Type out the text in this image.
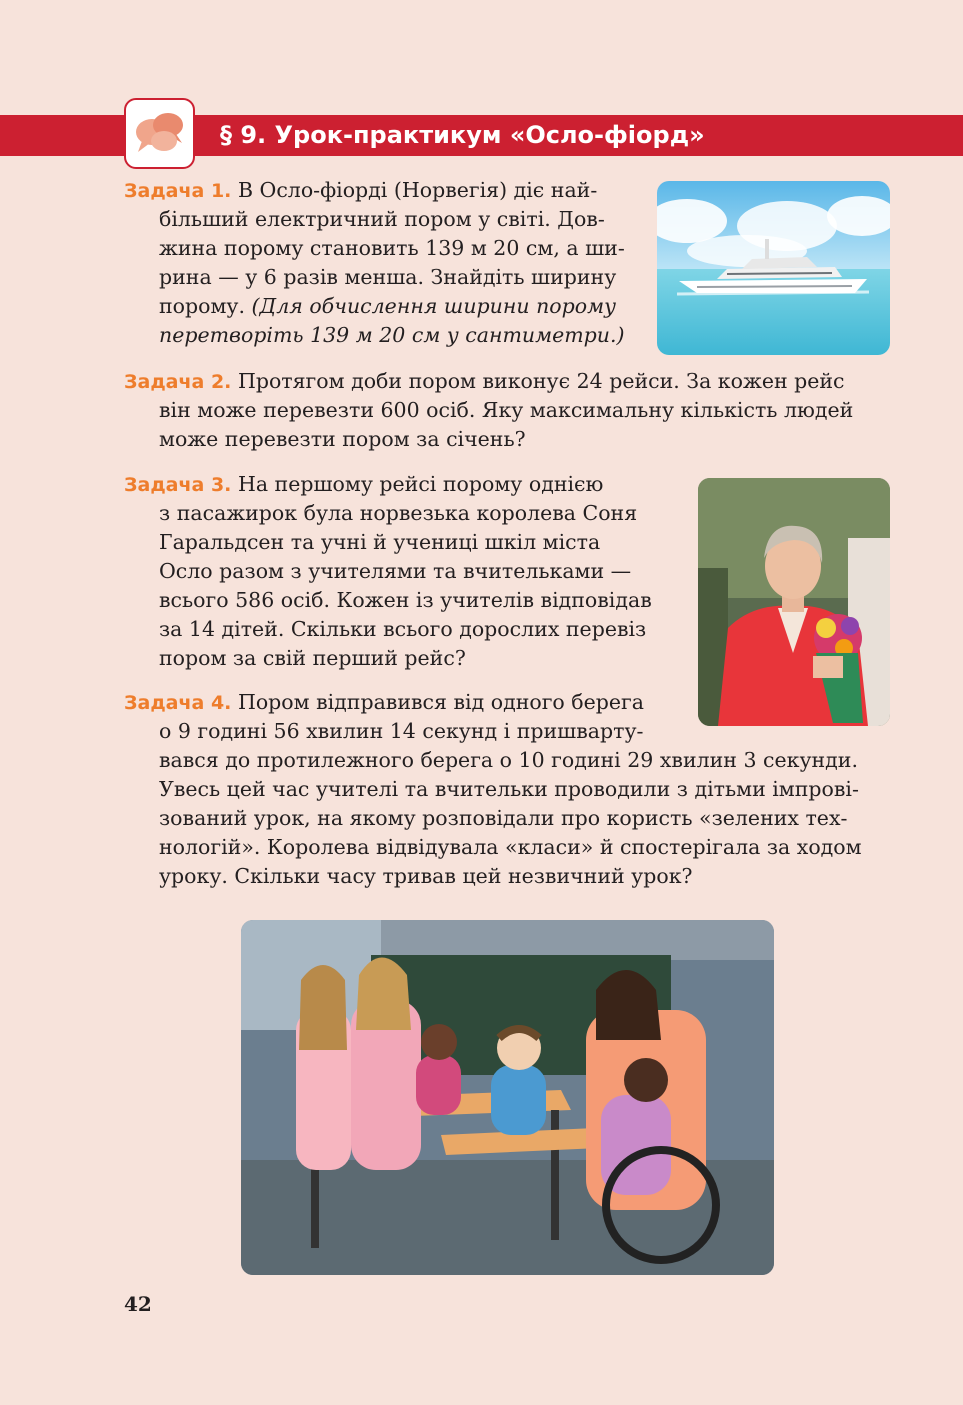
§ 9. Урок-практикум «Осло-фіорд»
Задача 1. В Осло-фіорді (Норвегія) діє най-
більший електричний пором у світі. Дов-
жина порому становить 139 м 20 см, а ши-
рина — у 6 разів менша. Знайдіть ширину
порому. (Для обчислення ширини порому
перетворіть 139 м 20 см у сантиметри.)
Задача 2. Протягом доби пором виконує 24 рейси. За кожен рейс
він може перевезти 600 осіб. Яку максимальну кількість людей
може перевезти пором за січень?
Задача 3. На першому рейсі порому однією
з пасажирок була норвезька королева Соня
Гаральдсен та учні й учениці шкіл міста
Осло разом з учителями та вчительками —
всього 586 осіб. Кожен із учителів відповідав
за 14 дітей. Скільки всього дорослих перевіз
пором за свій перший рейс?
Задача 4. Пором відправився від одного берега
о 9 годині 56 хвилин 14 секунд і пришварту-
вався до протилежного берега о 10 годині 29 хвилин 3 секунди.
Увесь цей час учителі та вчительки проводили з дітьми імпрові-
зований урок, на якому розповідали про користь «зелених тех-
нологій». Королева відвідувала «класи» й спостерігала за ходом
уроку. Скільки часу тривав цей незвичний урок?
42
